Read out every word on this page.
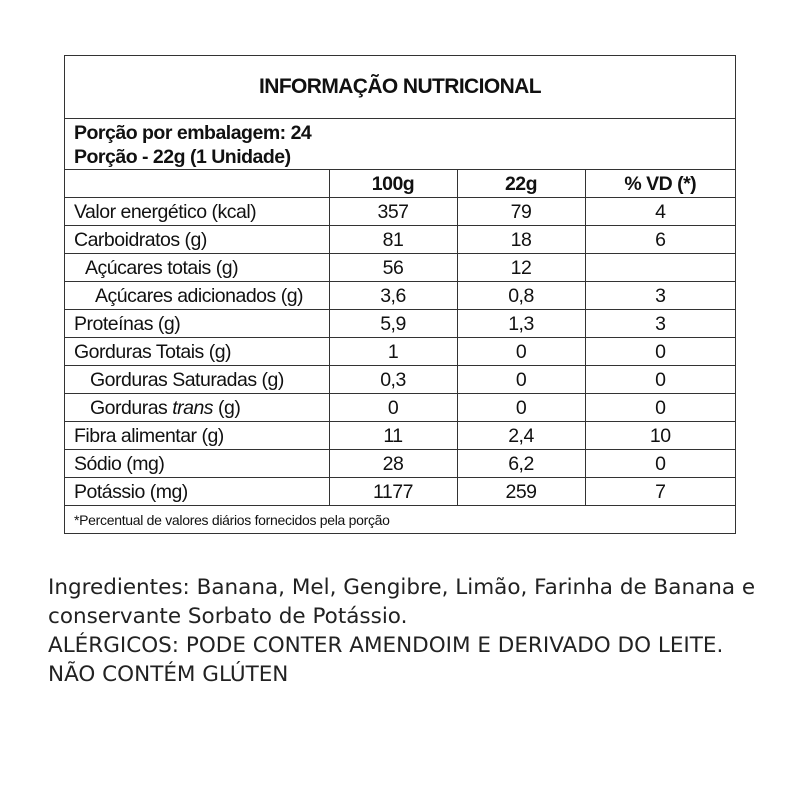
INFORMAÇÃO NUTRICIONAL
Porção por embalagem: 24
Porção - 22g (1 Unidade)
	100g	22g	% VD (*)
Valor energético (kcal)	357	79	4
Carboidratos (g)	81	18	6
Açúcares totais (g)	56	12	
Açúcares adicionados (g)	3,6	0,8	3
Proteínas (g)	5,9	1,3	3
Gorduras Totais (g)	1	0	0
Gorduras Saturadas (g)	0,3	0	0
Gorduras trans (g)	0	0	0
Fibra alimentar (g)	11	2,4	10
Sódio (mg)	28	6,2	0
Potássio (mg)	1177	259	7
*Percentual de valores diários fornecidos pela porção
Ingredientes: Banana, Mel, Gengibre, Limão, Farinha de Banana e conservante Sorbato de Potássio.
ALÉRGICOS: PODE CONTER AMENDOIM E DERIVADO DO LEITE.
NÃO CONTÉM GLÚTEN
